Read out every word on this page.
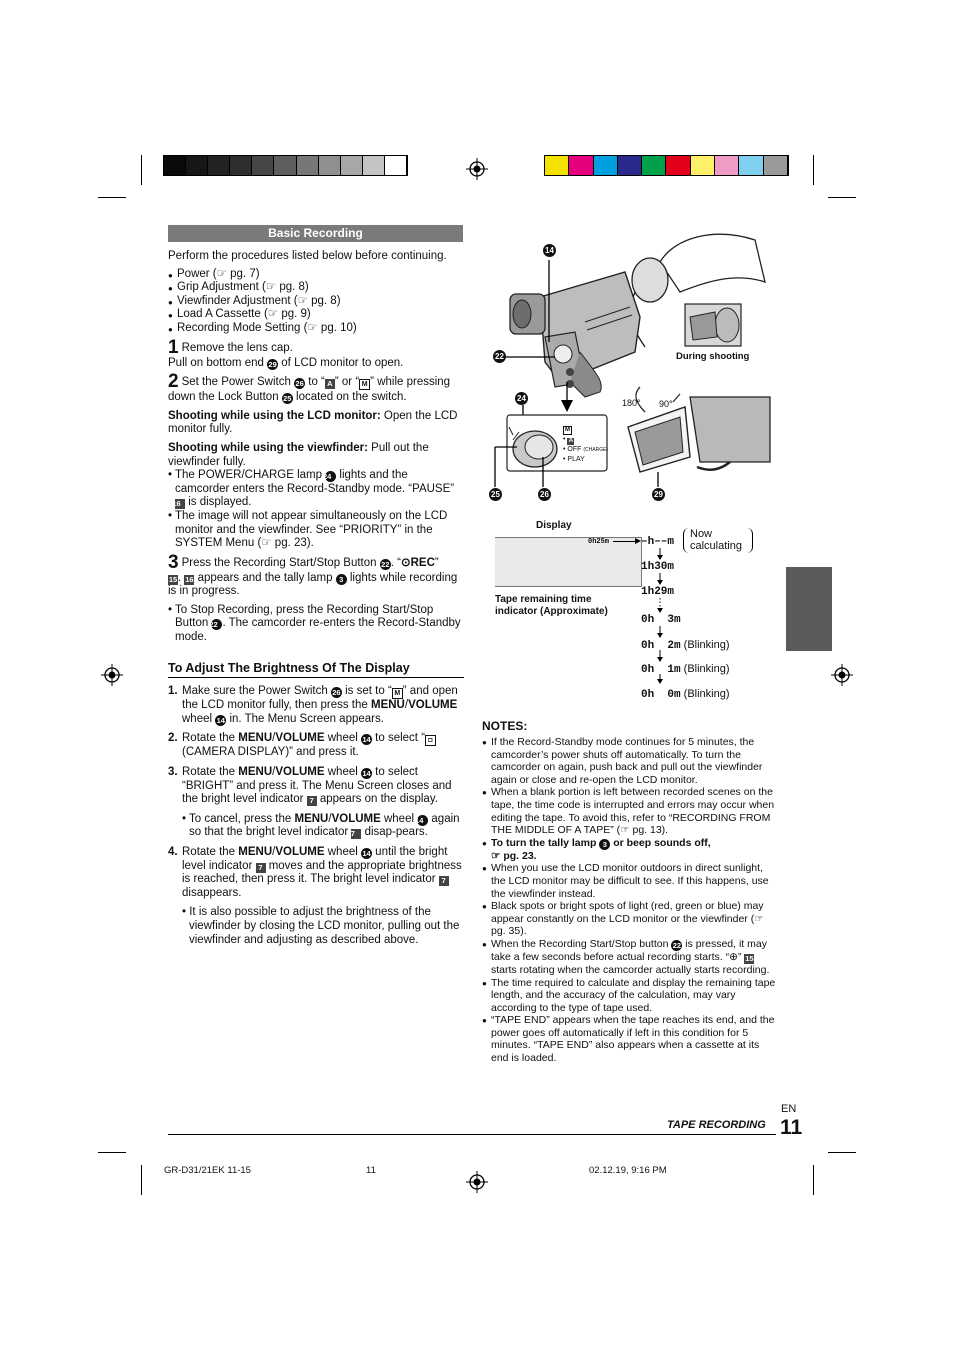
Basic Recording
Perform the procedures listed below before continuing.
● Power (☞ pg. 7)
● Grip Adjustment (☞ pg. 8)
● Viewfinder Adjustment (☞ pg. 8)
● Load A Cassette (☞ pg. 9)
● Recording Mode Setting (☞ pg. 10)
1 Remove the lens cap.
Pull on bottom end 29 of LCD monitor to open.
2 Set the Power Switch 26 to “ A ” or “ M ” while pressing down the Lock Button 25 located on the switch.
Shooting while using the LCD monitor: Open the LCD monitor fully.
Shooting while using the viewfinder: Pull out the viewfinder fully.
• The POWER/CHARGE lamp 24 lights and the camcorder enters the Record-Standby mode. “PAUSE” 16 is displayed.
• The image will not appear simultaneously on the LCD monitor and the viewfinder. See “PRIORITY” in the SYSTEM Menu (☞ pg. 23).
3 Press the Recording Start/Stop Button 22. “⊙REC”
15. 16 appears and the tally lamp 3 lights while recording is in progress.
• To Stop Recording, press the Recording Start/Stop Button 22 . The camcorder re-enters the Record-Standby mode.
To Adjust The Brightness Of The Display
1. Make sure the Power Switch 26 is set to “ M ” and open the LCD monitor fully, then press the MENU/VOLUME wheel 14 in. The Menu Screen appears.
2. Rotate the MENU/VOLUME wheel 14 to select “ ◘ (CAMERA DISPLAY)” and press it.
3. Rotate the MENU/VOLUME wheel 14 to select “BRIGHT” and press it. The Menu Screen closes and the bright level indicator 7 appears on the display.
• To cancel, press the MENU/VOLUME wheel 14 again so that the bright level indicator 7 disap-pears.
4. Rotate the MENU/VOLUME wheel 14 until the bright level indicator 7 moves and the appropriate brightness is reached, then press it. The bright level indicator 7 disappears.
• It is also possible to adjust the brightness of the viewfinder by closing the LCD monitor, pulling out the viewfinder and adjusting as described above.
14
22
24
25	26	29
During shooting
180° 90°
M
• A
• OFF (CHARGE)
• PLAY
Display
0h25m
Tape remaining time indicator (Approximate)
–h––m
Now calculating
1h30m
1h29m
0h  3m
0h  2m (Blinking)
0h  1m (Blinking)
0h  0m (Blinking)
NOTES:
● If the Record-Standby mode continues for 5 minutes, the camcorder’s power shuts off automatically. To turn the camcorder on again, push back and pull out the viewfinder again or close and re-open the LCD monitor.
● When a blank portion is left between recorded scenes on the tape, the time code is interrupted and errors may occur when editing the tape. To avoid this, refer to “RECORDING FROM THE MIDDLE OF A TAPE” (☞ pg. 13).
● To turn the tally lamp 3 or beep sounds off,
☞ pg. 23.
● When you use the LCD monitor outdoors in direct sunlight, the LCD monitor may be difficult to see. If this happens, use the viewfinder instead.
● Black spots or bright spots of light (red, green or blue) may appear constantly on the LCD monitor or the viewfinder (☞ pg. 35).
● When the Recording Start/Stop button 22 is pressed, it may take a few seconds before actual recording starts. “⊕” 15 starts rotating when the camcorder actually starts recording.
● The time required to calculate and display the remaining tape length, and the accuracy of the calculation, may vary according to the type of tape used.
● “TAPE END” appears when the tape reaches its end, and the power goes off automatically if left in this condition for 5 minutes. “TAPE END” also appears when a cassette at its end is loaded.
EN
11
TAPE RECORDING
GR-D31/21EK 11-15	11	02.12.19, 9:16 PM
